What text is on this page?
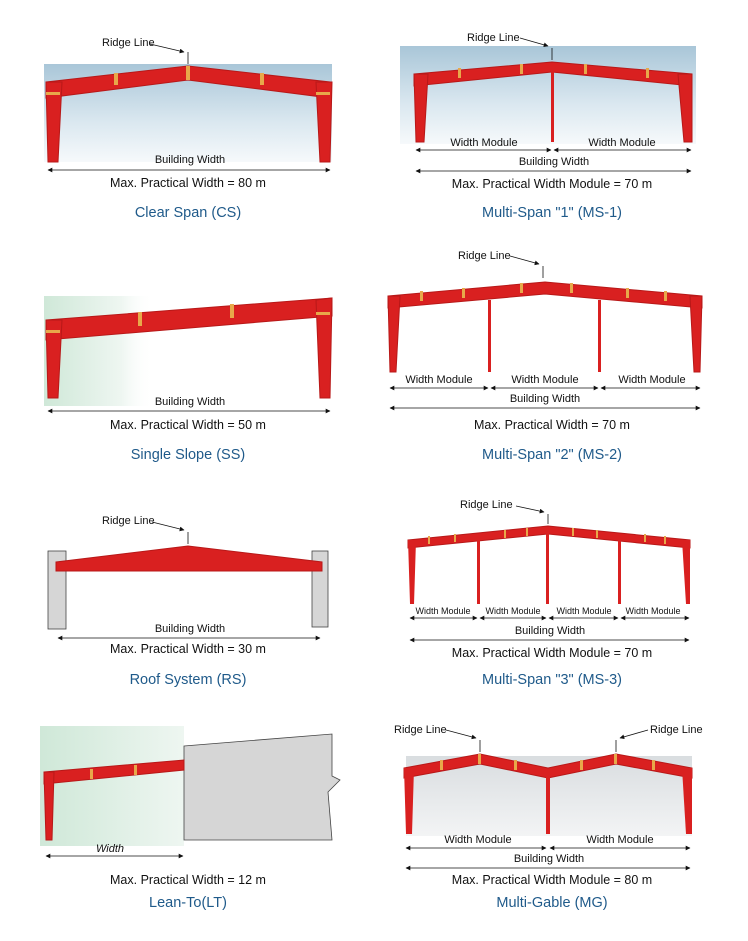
Ridge Line
Building Width
Ridge Line
Width Module	Width Module
Building Width
Building Width
Ridge Line
Width Module	Width Module	Width Module
Building Width
Ridge Line
Building Width
Ridge Line
Width Module Width Module Width Module Width Module
Building Width
Width
Ridge Line	Ridge Line
Width Module	Width Module
Building Width
Max. Practical Width = 80 m
Clear Span (CS)
Max. Practical Width Module = 70 m
Multi-Span "1" (MS-1)
Max. Practical Width = 50 m
Single Slope (SS)
Max. Practical Width = 70 m
Multi-Span "2" (MS-2)
Max. Practical Width = 30 m
Roof System (RS)
Max. Practical Width Module = 70 m
Multi-Span "3" (MS-3)
Max. Practical Width = 12 m
Lean-To(LT)
Max. Practical Width Module = 80 m
Multi-Gable (MG)
